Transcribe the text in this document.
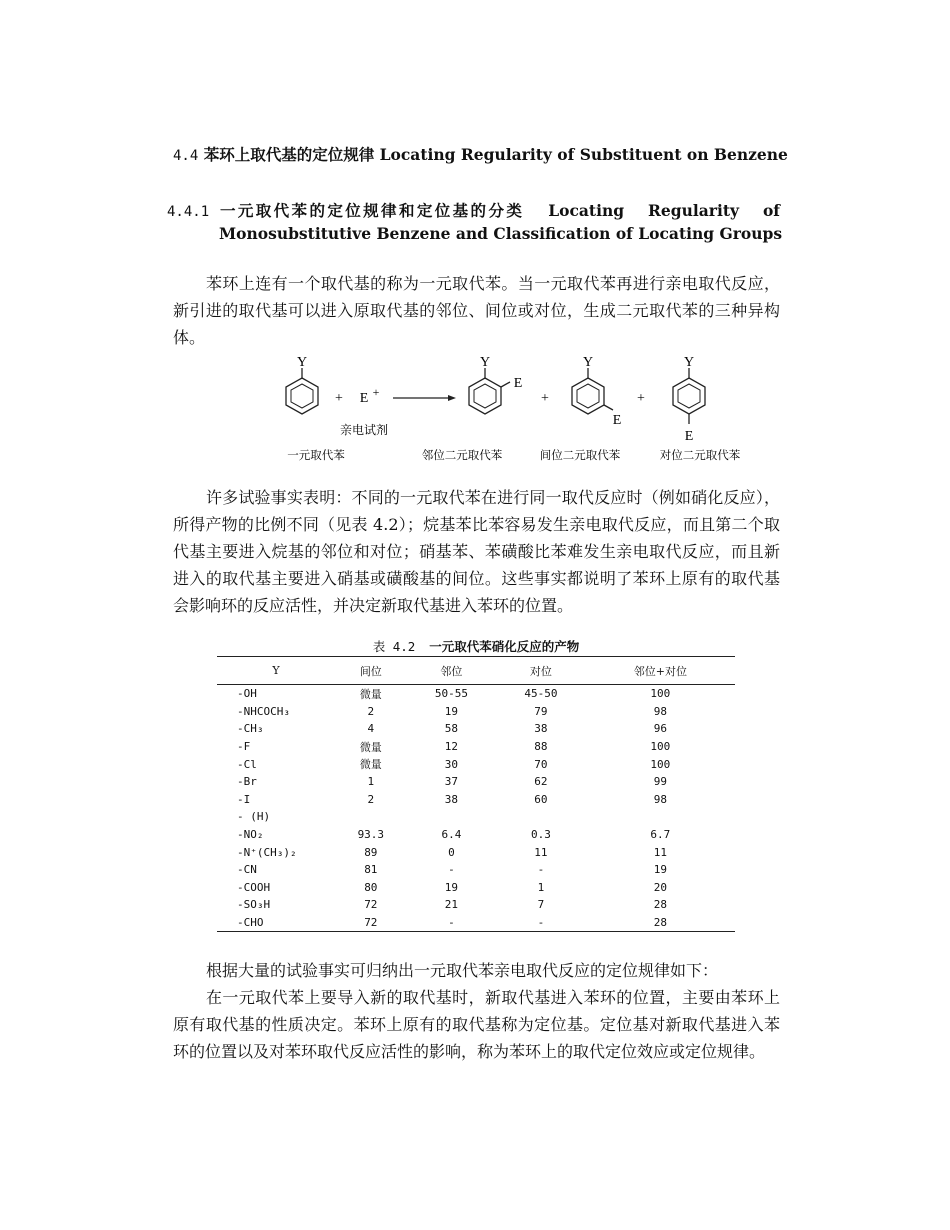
4.4 苯环上取代基的定位规律 Locating Regularity of Substituent on Benzene
4.4.1 一元取代苯的定位规律和定位基的分类 Locating Regularity of
Monosubstitutive Benzene and Classification of Locating Groups
苯环上连有一个取代基的称为一元取代苯。当一元取代苯再进行亲电取代反应，新引进的取代基可以进入原取代基的邻位、间位或对位，生成二元取代苯的三种异构体。
Y
+ E +
亲电试剂
Y
E
+
Y
E
+
Y
E
一元取代苯	邻位二元取代苯	间位二元取代苯	对位二元取代苯
许多试验事实表明：不同的一元取代苯在进行同一取代反应时（例如硝化反应），所得产物的比例不同（见表 4.2）；烷基苯比苯容易发生亲电取代反应，而且第二个取代基主要进入烷基的邻位和对位；硝基苯、苯磺酸比苯难发生亲电取代反应，而且新进入的取代基主要进入硝基或磺酸基的间位。这些事实都说明了苯环上原有的取代基会影响环的反应活性，并决定新取代基进入苯环的位置。
表 4.2 一元取代苯硝化反应的产物
Y	间位	邻位	对位	邻位+对位
-OH	微量	50-55	45-50	100
-NHCOCH₃	2	19	79	98
-CH₃	4	58	38	96
-F	微量	12	88	100
-Cl	微量	30	70	100
-Br	1	37	62	99
-I	2	38	60	98
- (H)				
-NO₂	93.3	6.4	0.3	6.7
-N⁺(CH₃)₂	89	0	11	11
-CN	81	-	-	19
-COOH	80	19	1	20
-SO₃H	72	21	7	28
-CHO	72	-	-	28
根据大量的试验事实可归纳出一元取代苯亲电取代反应的定位规律如下：
在一元取代苯上要导入新的取代基时，新取代基进入苯环的位置，主要由苯环上原有取代基的性质决定。苯环上原有的取代基称为定位基。定位基对新取代基进入苯环的位置以及对苯环取代反应活性的影响，称为苯环上的取代定位效应或定位规律。
